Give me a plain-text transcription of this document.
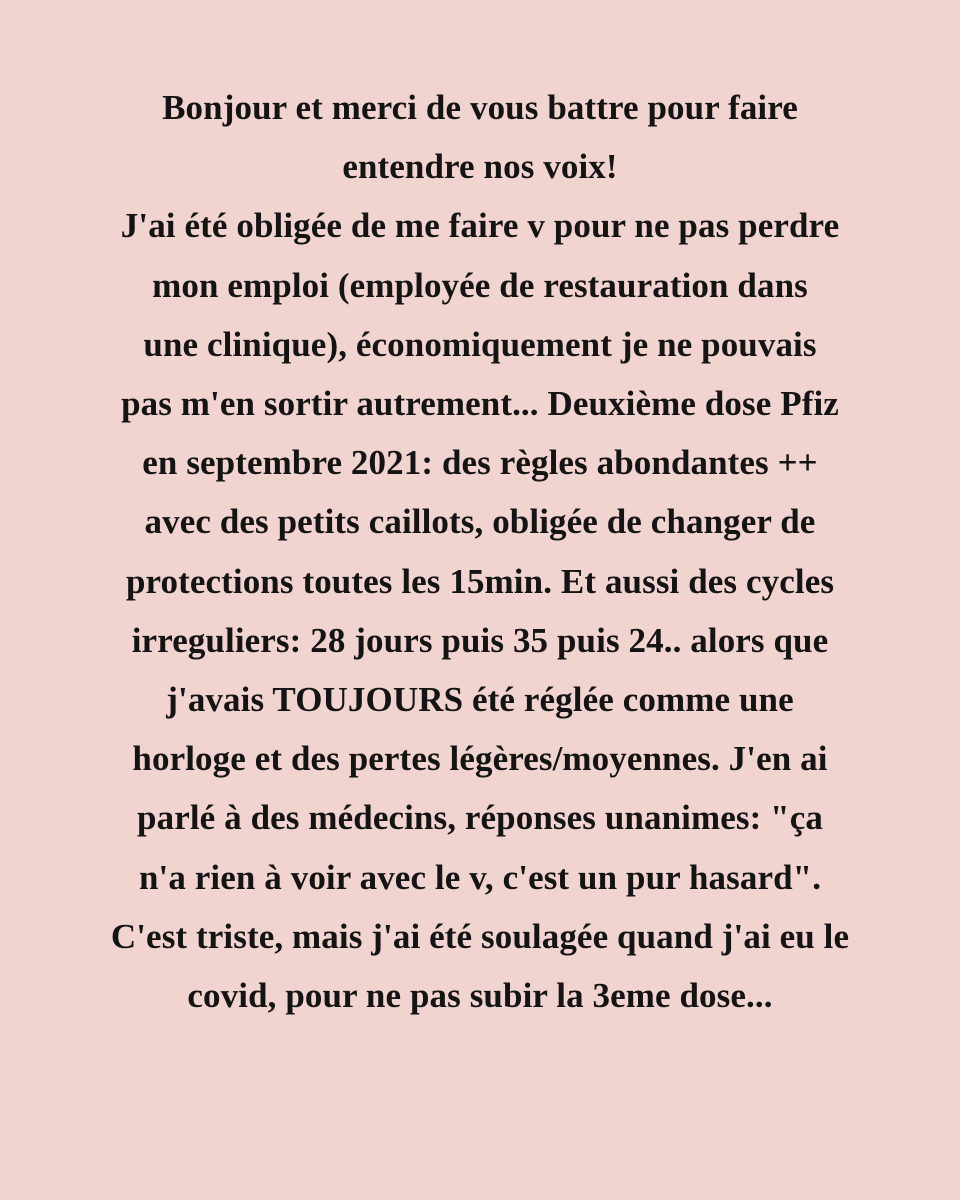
Bonjour et merci de vous battre pour faire
entendre nos voix!
J'ai été obligée de me faire v pour ne pas perdre
mon emploi (employée de restauration dans
une clinique), économiquement je ne pouvais
pas m'en sortir autrement... Deuxième dose Pfiz
en septembre 2021: des règles abondantes ++
avec des petits caillots, obligée de changer de
protections toutes les 15min. Et aussi des cycles
irreguliers: 28 jours puis 35 puis 24.. alors que
j'avais TOUJOURS été réglée comme une
horloge et des pertes légères/moyennes. J'en ai
parlé à des médecins, réponses unanimes: "ça
n'a rien à voir avec le v, c'est un pur hasard".
C'est triste, mais j'ai été soulagée quand j'ai eu le
covid, pour ne pas subir la 3eme dose...
